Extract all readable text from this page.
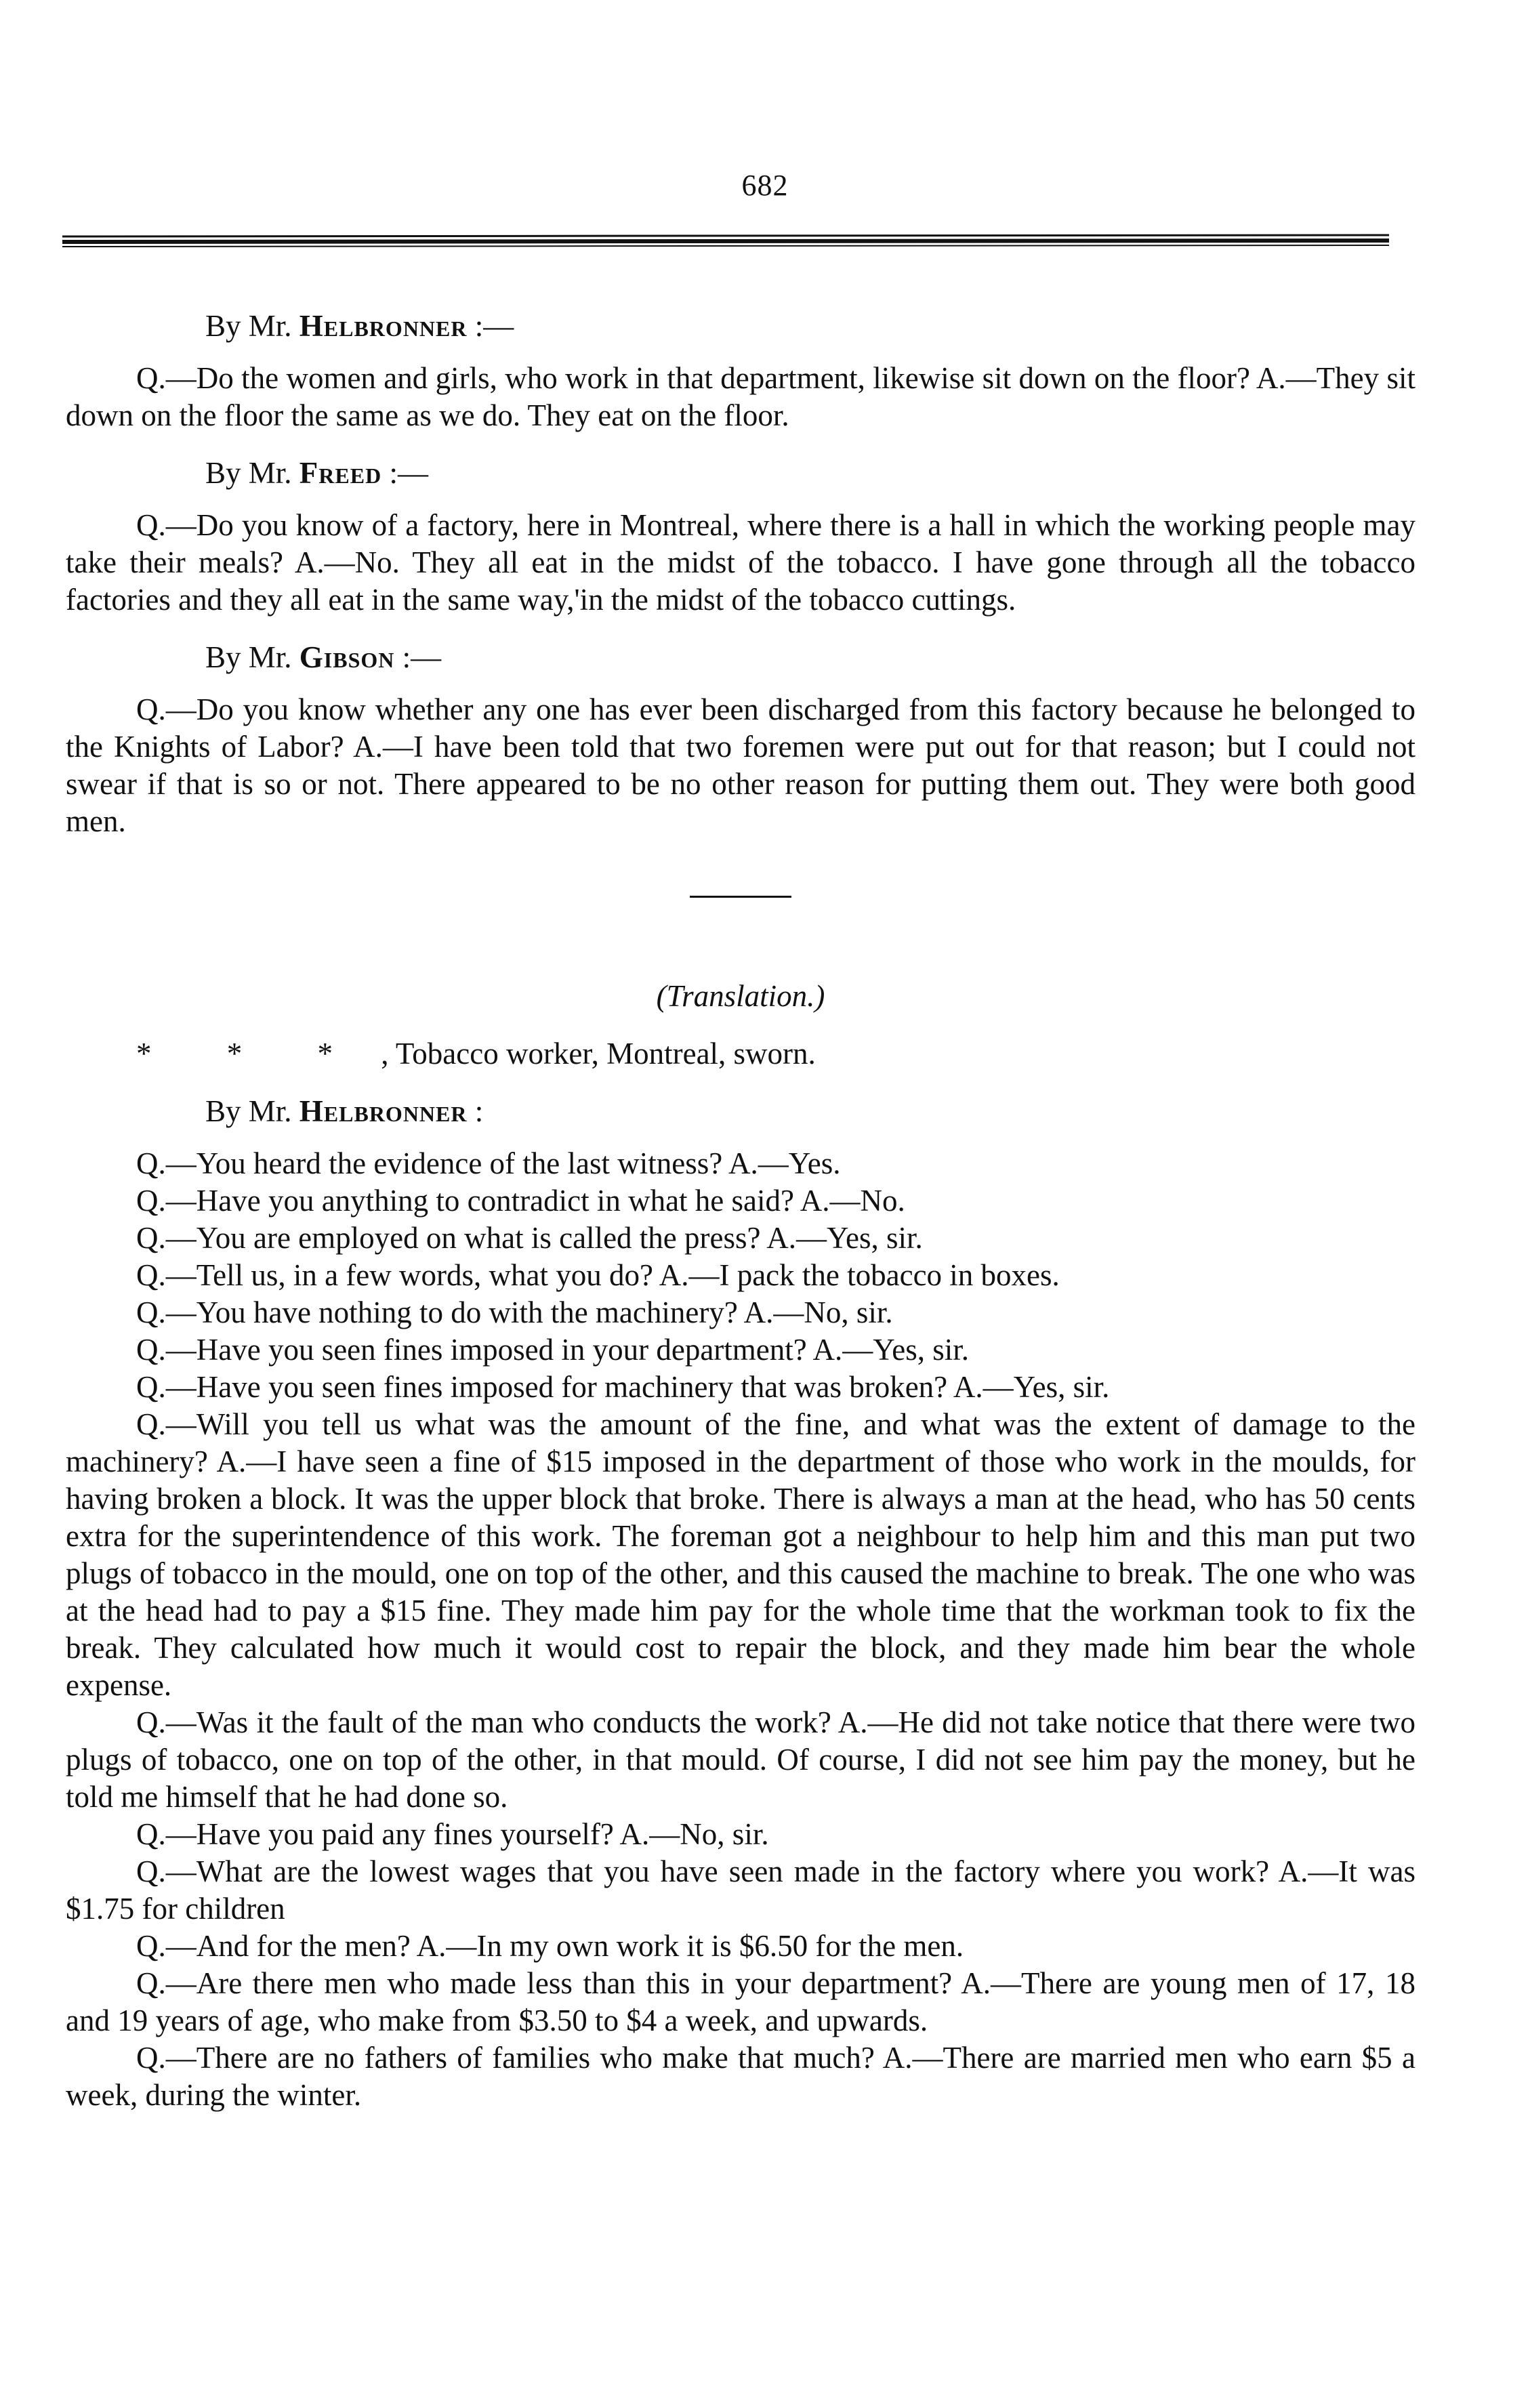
682
By Mr. Helbronner :—

Q.—Do the women and girls, who work in that department, likewise sit down on the floor? A.—They sit down on the floor the same as we do. They eat on the floor.

By Mr. Freed :—

Q.—Do you know of a factory, here in Montreal, where there is a hall in which the working people may take their meals? A.—No. They all eat in the midst of the tobacco. I have gone through all the tobacco factories and they all eat in the same way,'in the midst of the tobacco cuttings.

By Mr. Gibson :—

Q.—Do you know whether any one has ever been discharged from this factory because he belonged to the Knights of Labor? A.—I have been told that two foremen were put out for that reason; but I could not swear if that is so or not. There appeared to be no other reason for putting them out. They were both good men.

(Translation.)
* * * , Tobacco worker, Montreal, sworn.
By Mr. Helbronner :

Q.—You heard the evidence of the last witness? A.—Yes.

Q.—Have you anything to contradict in what he said? A.—No.

Q.—You are employed on what is called the press? A.—Yes, sir.

Q.—Tell us, in a few words, what you do? A.—I pack the tobacco in boxes.

Q.—You have nothing to do with the machinery? A.—No, sir.

Q.—Have you seen fines imposed in your department? A.—Yes, sir.

Q.—Have you seen fines imposed for machinery that was broken? A.—Yes, sir.

Q.—Will you tell us what was the amount of the fine, and what was the extent of damage to the machinery? A.—I have seen a fine of $15 imposed in the department of those who work in the moulds, for having broken a block. It was the upper block that broke. There is always a man at the head, who has 50 cents extra for the superintendence of this work. The foreman got a neighbour to help him and this man put two plugs of tobacco in the mould, one on top of the other, and this caused the machine to break. The one who was at the head had to pay a $15 fine. They made him pay for the whole time that the workman took to fix the break. They calculated how much it would cost to repair the block, and they made him bear the whole expense.

Q.—Was it the fault of the man who conducts the work? A.—He did not take notice that there were two plugs of tobacco, one on top of the other, in that mould. Of course, I did not see him pay the money, but he told me himself that he had done so.

Q.—Have you paid any fines yourself? A.—No, sir.

Q.—What are the lowest wages that you have seen made in the factory where you work? A.—It was $1.75 for children

Q.—And for the men? A.—In my own work it is $6.50 for the men.

Q.—Are there men who made less than this in your department? A.—There are young men of 17, 18 and 19 years of age, who make from $3.50 to $4 a week, and upwards.

Q.—There are no fathers of families who make that much? A.—There are married men who earn $5 a week, during the winter.
